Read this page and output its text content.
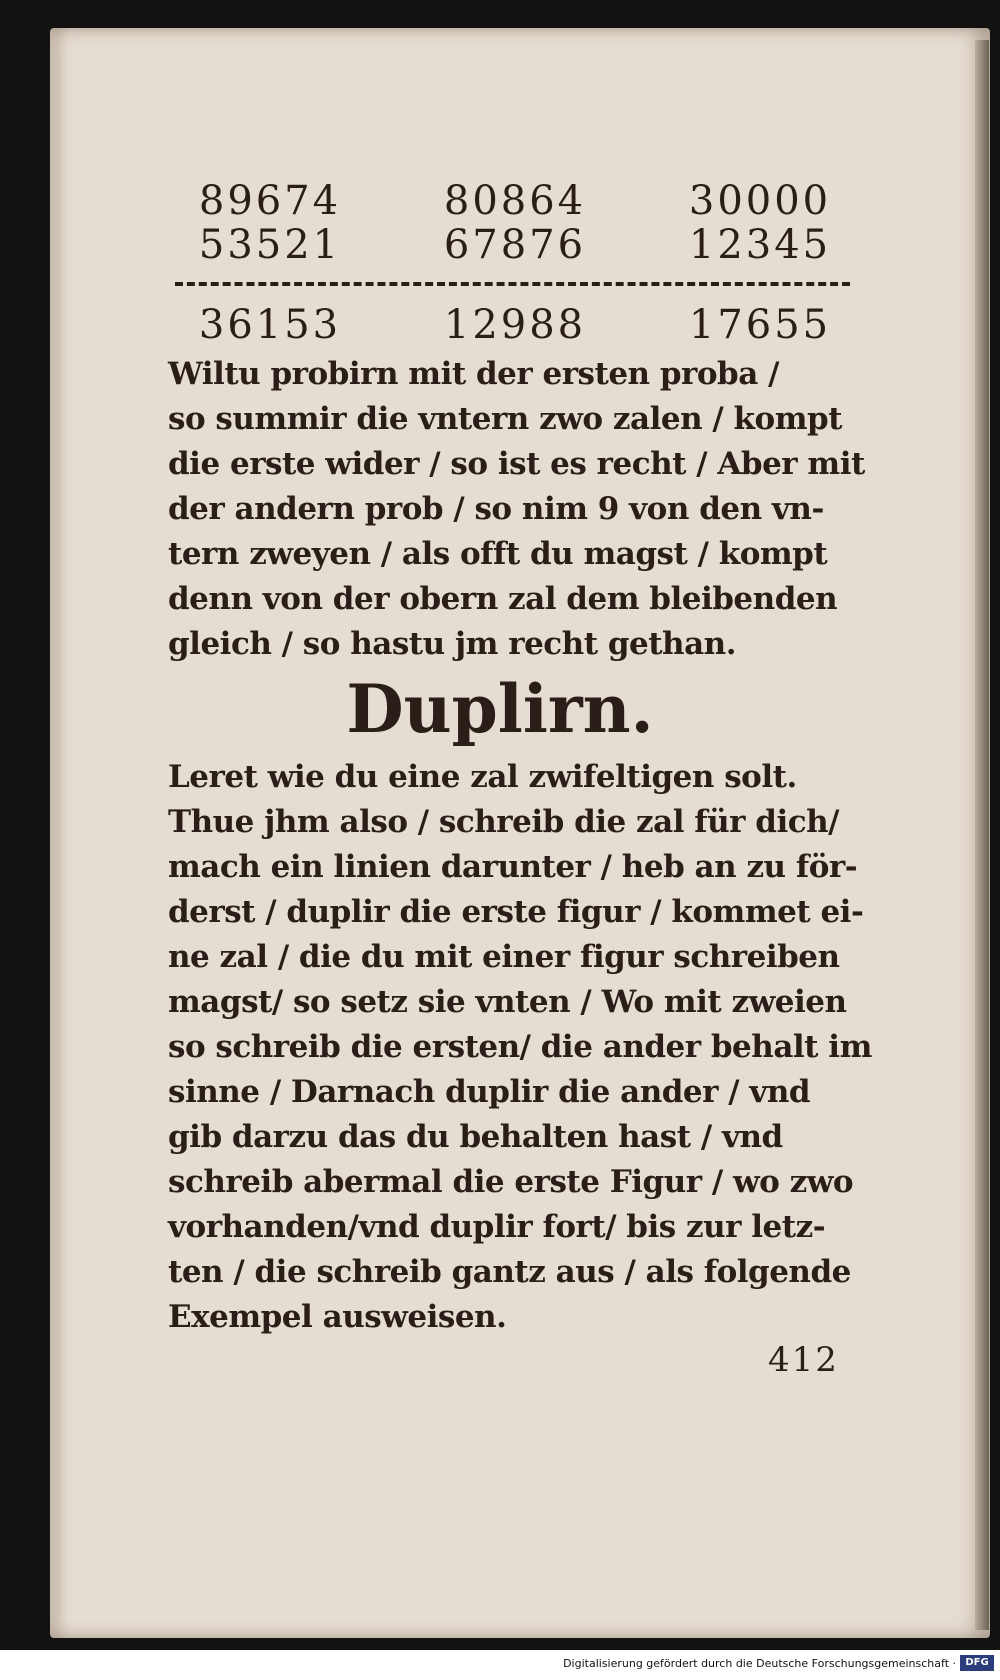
89674	80864	30000
53521	67876	12345
36153	12988	17655

Wiltu probirn mit der ersten proba /

so summir die vntern zwo zalen / kompt

die erste wider / so ist es recht / Aber mit

der andern prob / so nim 9 von den vn-

tern zweyen / als offt du magst / kompt

denn von der obern zal dem bleibenden

gleich / so hastu jm recht gethan.

Duplirn.

Leret wie du eine zal zwifeltigen solt.

Thue jhm also / schreib die zal für dich/

mach ein linien darunter / heb an zu för-

derst / duplir die erste figur / kommet ei-

ne zal / die du mit einer figur schreiben

magst/ so setz sie vnten / Wo mit zweien

so schreib die ersten/ die ander behalt im

sinne / Darnach duplir die ander / vnd

gib darzu das du behalten hast / vnd

schreib abermal die erste Figur / wo zwo

vorhanden/vnd duplir fort/ bis zur letz-

ten / die schreib gantz aus / als folgende

Exempel ausweisen.

412
Digitalisierung gefördert durch die Deutsche Forschungsgemeinschaft · DFG
